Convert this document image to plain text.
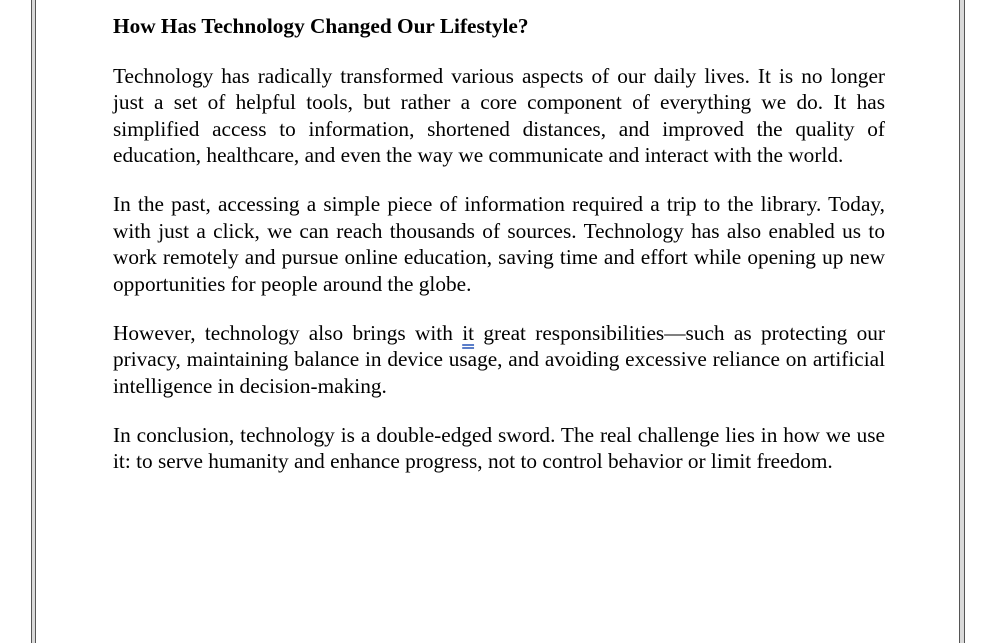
How Has Technology Changed Our Lifestyle?

Technology has radically transformed various aspects of our daily lives. It is no longer just a set of helpful tools, but rather a core component of everything we do. It has simplified access to information, shortened distances, and improved the quality of education, healthcare, and even the way we communicate and interact with the world.

In the past, accessing a simple piece of information required a trip to the library. Today, with just a click, we can reach thousands of sources. Technology has also enabled us to work remotely and pursue online education, saving time and effort while opening up new opportunities for people around the globe.

However, technology also brings with it great responsibilities—such as protecting our privacy, maintaining balance in device usage, and avoiding excessive reliance on artificial intelligence in decision-making.

In conclusion, technology is a double-edged sword. The real challenge lies in how we use it: to serve humanity and enhance progress, not to control behavior or limit freedom.
